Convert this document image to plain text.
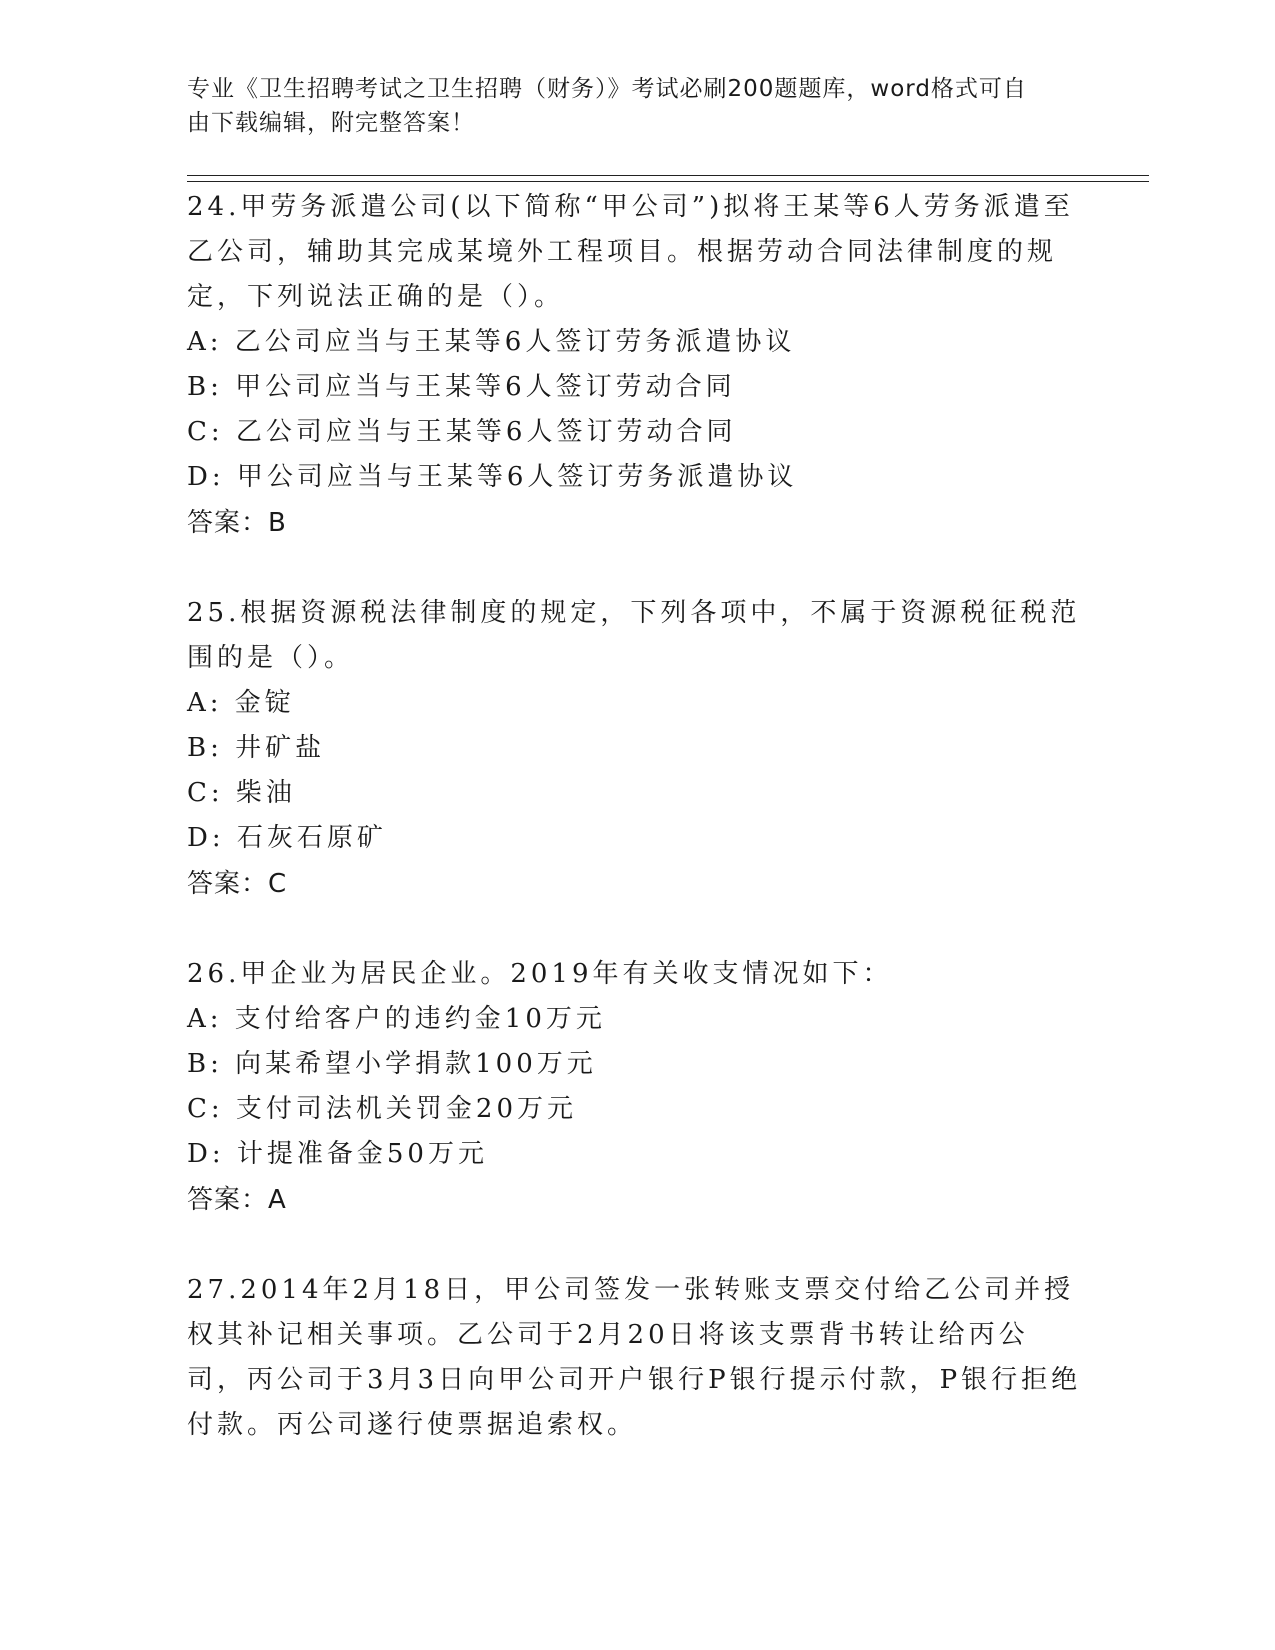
专业《卫生招聘考试之卫生招聘（财务）》考试必刷200题题库，word格式可自
由下载编辑，附完整答案！
24.甲劳务派遣公司(以下简称“甲公司”)拟将王某等6人劳务派遣至乙公司，辅助其完成某境外工程项目。根据劳动合同法律制度的规定，下列说法正确的是（）。
A: 乙公司应当与王某等6人签订劳务派遣协议
B: 甲公司应当与王某等6人签订劳动合同
C: 乙公司应当与王某等6人签订劳动合同
D: 甲公司应当与王某等6人签订劳务派遣协议
答案：B
25.根据资源税法律制度的规定，下列各项中，不属于资源税征税范围的是（）。
A: 金锭
B: 井矿盐
C: 柴油
D: 石灰石原矿
答案：C
26.甲企业为居民企业。2019年有关收支情况如下：
A: 支付给客户的违约金10万元
B: 向某希望小学捐款100万元
C: 支付司法机关罚金20万元
D: 计提准备金50万元
答案：A
27.2014年2月18日，甲公司签发一张转账支票交付给乙公司并授权其补记相关事项。乙公司于2月20日将该支票背书转让给丙公司，丙公司于3月3日向甲公司开户银行P银行提示付款，P银行拒绝付款。丙公司遂行使票据追索权。
